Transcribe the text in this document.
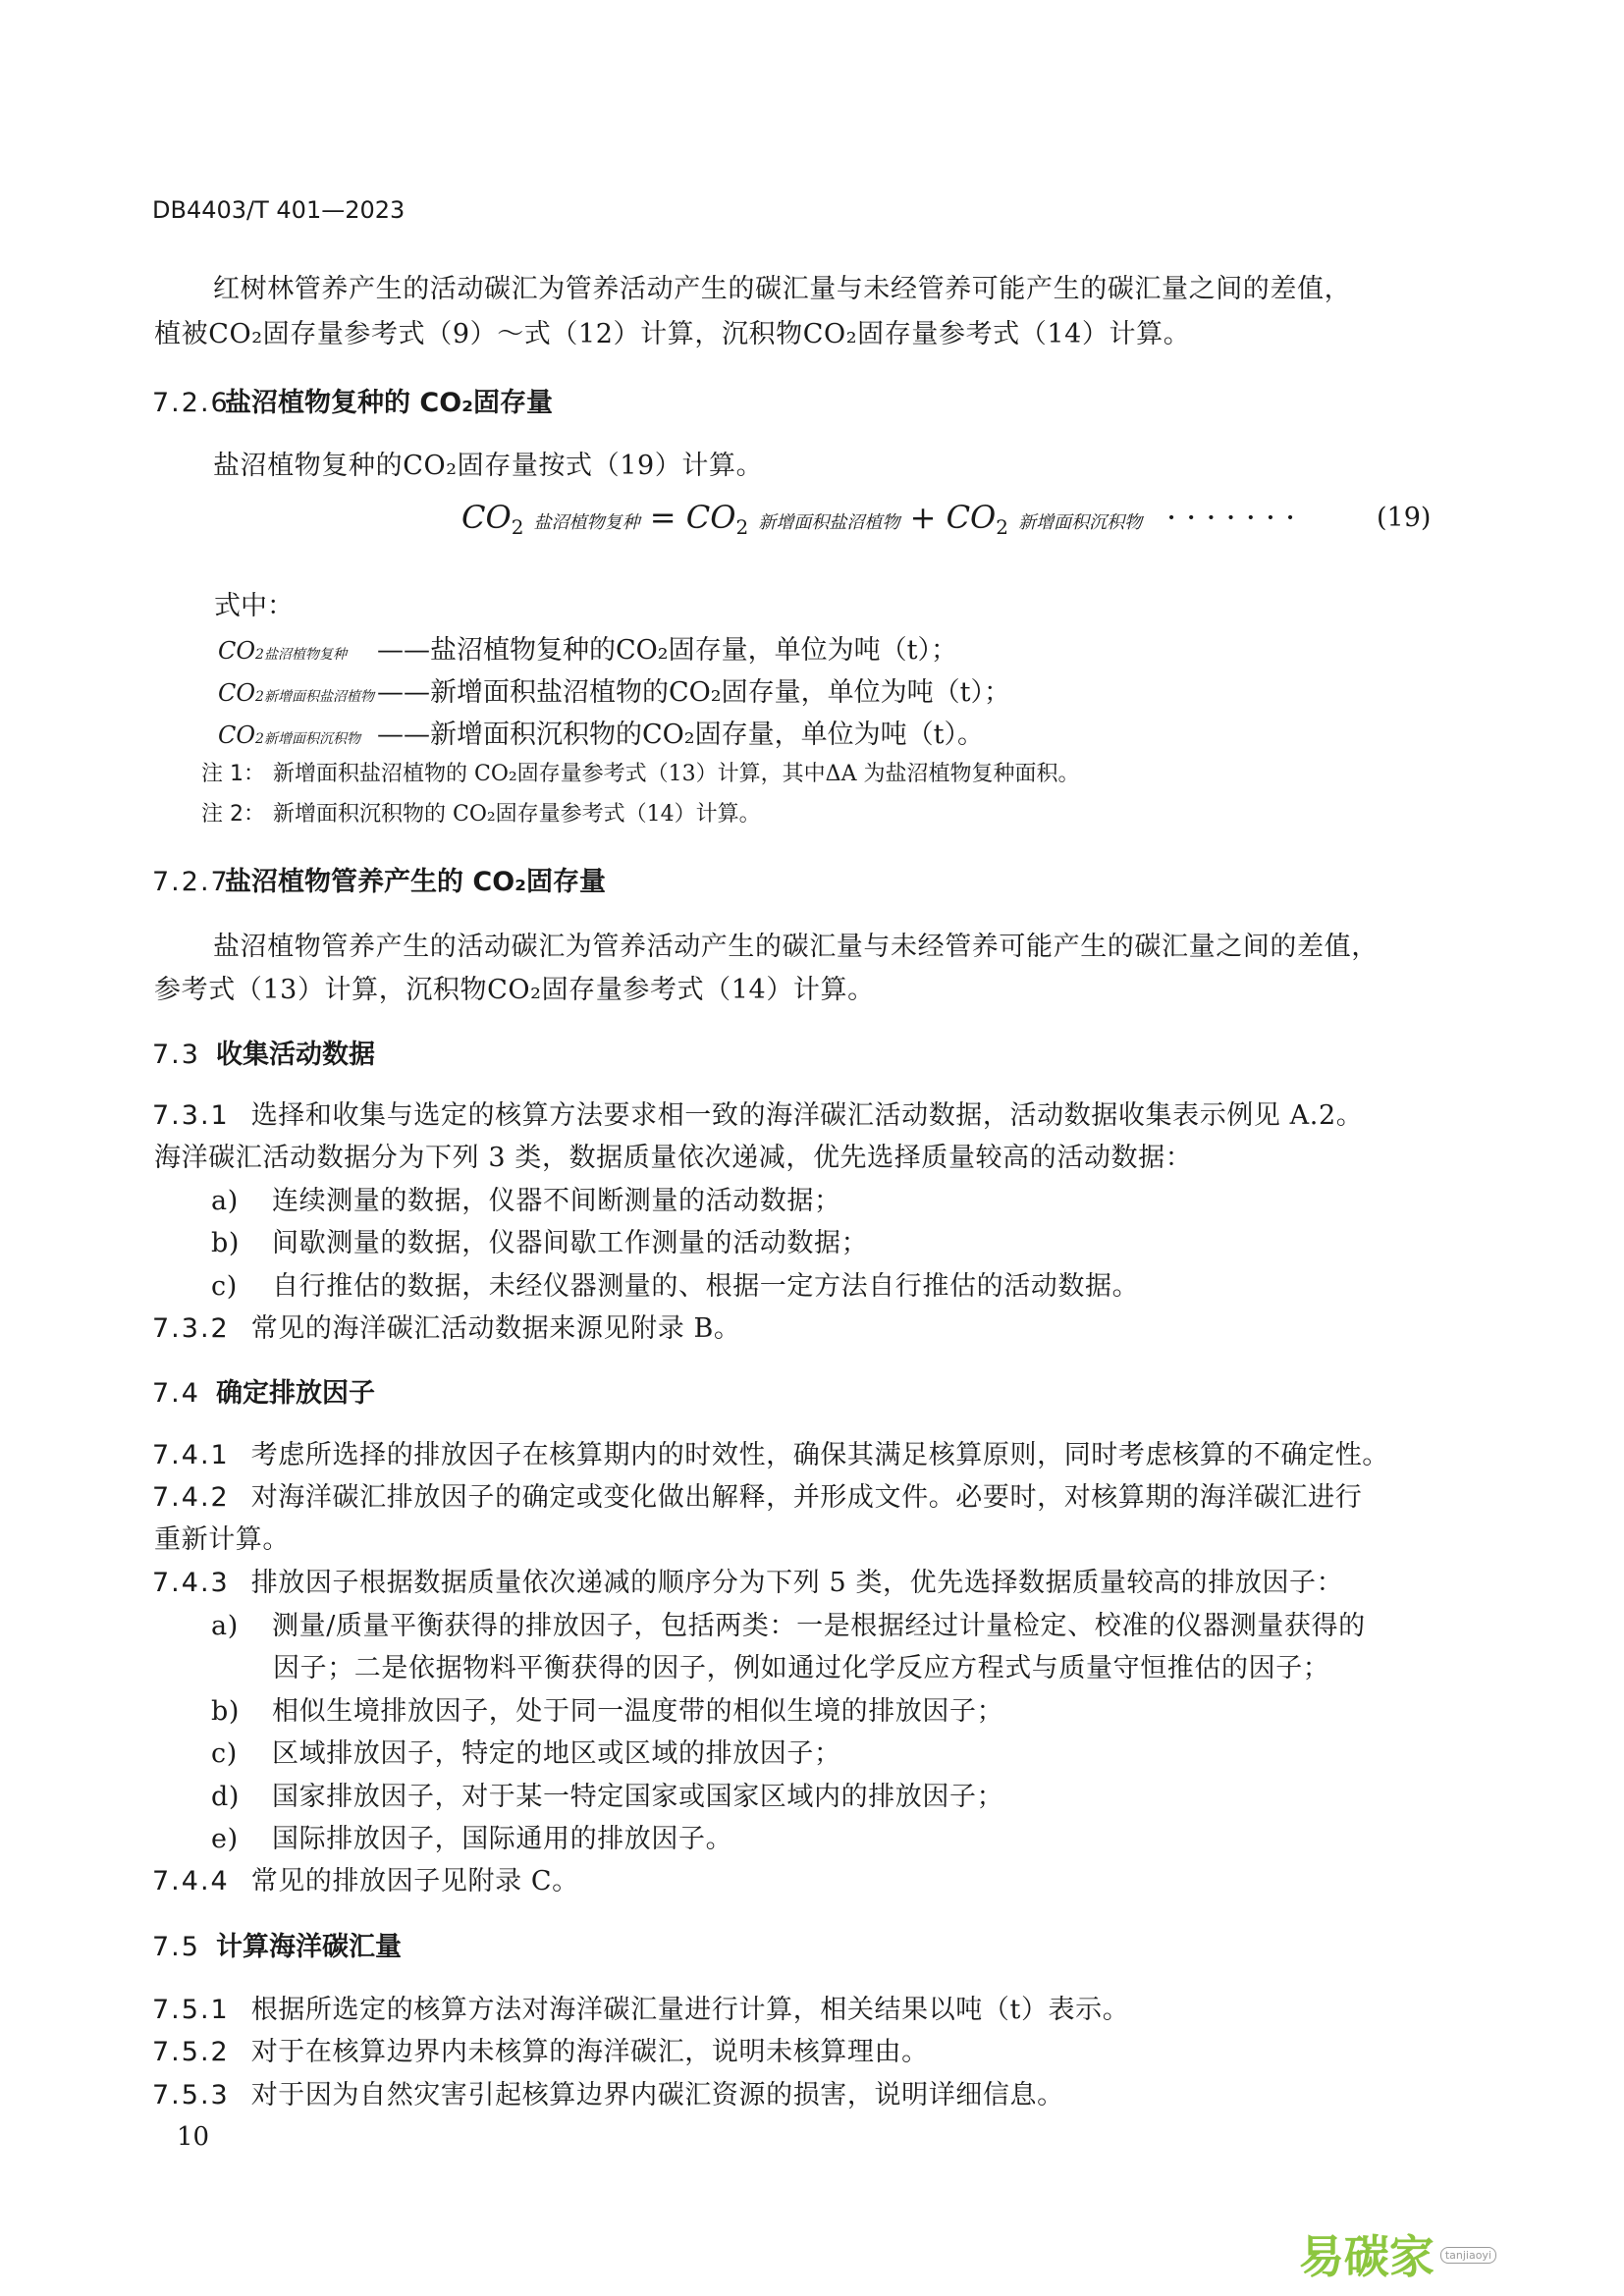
DB4403/T 401—2023
红树林管养产生的活动碳汇为管养活动产生的碳汇量与未经管养可能产生的碳汇量之间的差值，
植被CO₂固存量参考式（9）～式（12）计算，沉积物CO₂固存量参考式（14）计算。
7.2.6盐沼植物复种的 CO₂固存量
盐沼植物复种的CO₂固存量按式（19）计算。
CO2 盐沼植物复种 = CO2 新增面积盐沼植物 + CO2 新增面积沉积物 ·······	(19)
式中：
CO2盐沼植物复种 ——盐沼植物复种的CO₂固存量，单位为吨（t）；
CO2新增面积盐沼植物 ——新增面积盐沼植物的CO₂固存量，单位为吨（t）；
CO2新增面积沉积物 ——新增面积沉积物的CO₂固存量，单位为吨（t）。
注 1： 新增面积盐沼植物的 CO₂固存量参考式（13）计算，其中ΔA 为盐沼植物复种面积。
注 2： 新增面积沉积物的 CO₂固存量参考式（14）计算。
7.2.7盐沼植物管养产生的 CO₂固存量
盐沼植物管养产生的活动碳汇为管养活动产生的碳汇量与未经管养可能产生的碳汇量之间的差值，
参考式（13）计算，沉积物CO₂固存量参考式（14）计算。
7.3 收集活动数据
7.3.1 选择和收集与选定的核算方法要求相一致的海洋碳汇活动数据，活动数据收集表示例见 A.2。
海洋碳汇活动数据分为下列 3 类，数据质量依次递减，优先选择质量较高的活动数据：
a) 连续测量的数据，仪器不间断测量的活动数据；
b) 间歇测量的数据，仪器间歇工作测量的活动数据；
c) 自行推估的数据，未经仪器测量的、根据一定方法自行推估的活动数据。
7.3.2 常见的海洋碳汇活动数据来源见附录 B。
7.4 确定排放因子
7.4.1 考虑所选择的排放因子在核算期内的时效性，确保其满足核算原则，同时考虑核算的不确定性。
7.4.2 对海洋碳汇排放因子的确定或变化做出解释，并形成文件。必要时，对核算期的海洋碳汇进行
重新计算。
7.4.3 排放因子根据数据质量依次递减的顺序分为下列 5 类，优先选择数据质量较高的排放因子：
a) 测量/质量平衡获得的排放因子，包括两类：一是根据经过计量检定、校准的仪器测量获得的
因子；二是依据物料平衡获得的因子，例如通过化学反应方程式与质量守恒推估的因子；
b) 相似生境排放因子，处于同一温度带的相似生境的排放因子；
c) 区域排放因子，特定的地区或区域的排放因子；
d) 国家排放因子，对于某一特定国家或国家区域内的排放因子；
e) 国际排放因子，国际通用的排放因子。
7.4.4 常见的排放因子见附录 C。
7.5 计算海洋碳汇量
7.5.1 根据所选定的核算方法对海洋碳汇量进行计算，相关结果以吨（t）表示。
7.5.2 对于在核算边界内未核算的海洋碳汇，说明未核算理由。
7.5.3 对于因为自然灾害引起核算边界内碳汇资源的损害，说明详细信息。
10
易碳家 $^{tanjiaoyi}$
